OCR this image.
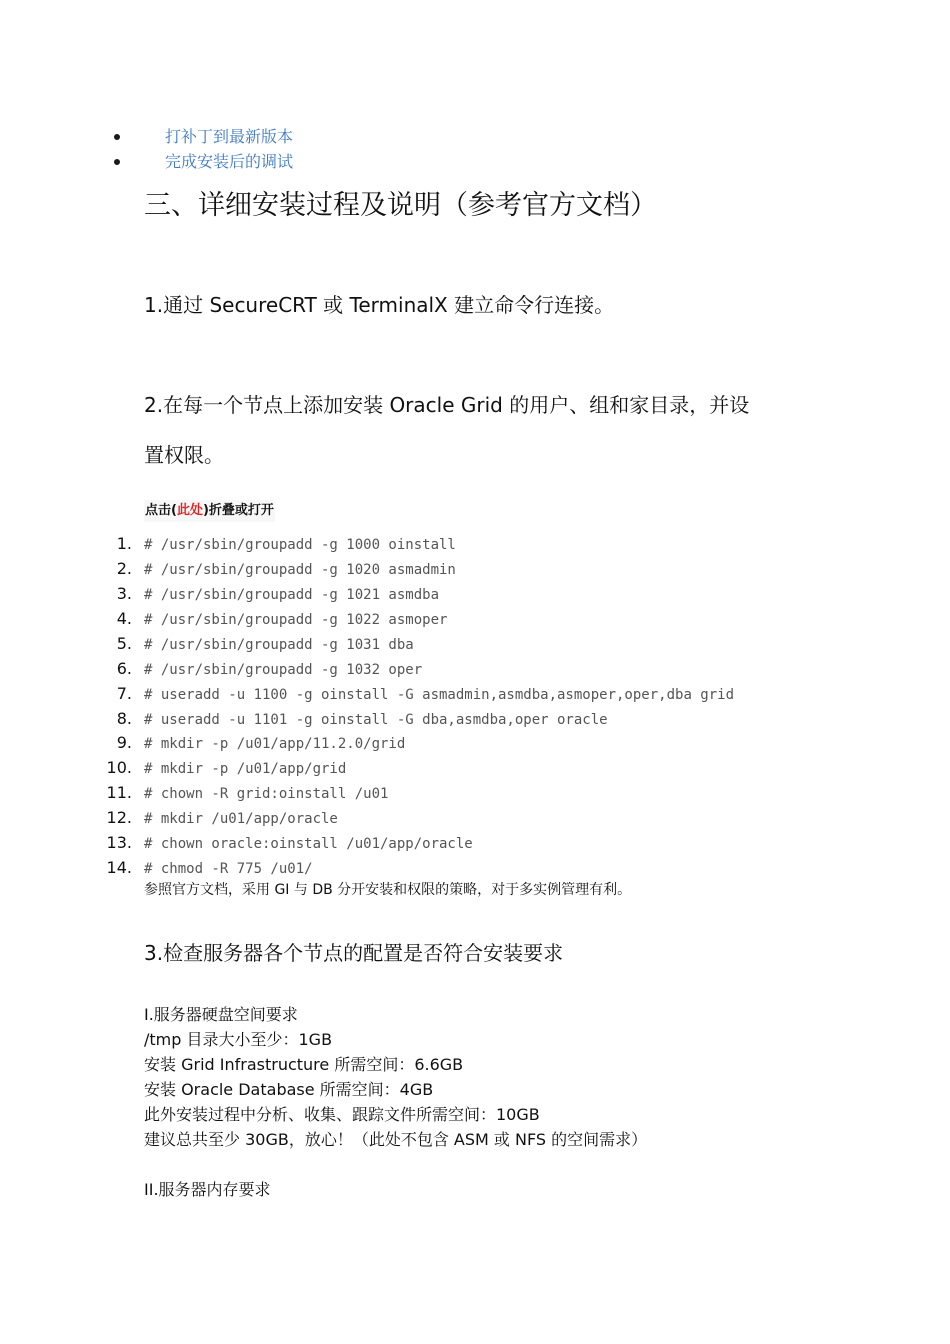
打补丁到最新版本
完成安装后的调试
三、详细安装过程及说明（参考官方文档）
1.通过 SecureCRT 或 TerminalX 建立命令行连接。
2.在每一个节点上添加安装 Oracle Grid 的用户、组和家目录，并设
置权限。
点击(此处)折叠或打开
1. # /usr/sbin/groupadd -g 1000 oinstall
2. # /usr/sbin/groupadd -g 1020 asmadmin
3. # /usr/sbin/groupadd -g 1021 asmdba
4. # /usr/sbin/groupadd -g 1022 asmoper
5. # /usr/sbin/groupadd -g 1031 dba
6. # /usr/sbin/groupadd -g 1032 oper
7. # useradd -u 1100 -g oinstall -G asmadmin,asmdba,asmoper,oper,dba grid
8. # useradd -u 1101 -g oinstall -G dba,asmdba,oper oracle
9. # mkdir -p /u01/app/11.2.0/grid
10. # mkdir -p /u01/app/grid
11. # chown -R grid:oinstall /u01
12. # mkdir /u01/app/oracle
13. # chown oracle:oinstall /u01/app/oracle
14. # chmod -R 775 /u01/
参照官方文档，采用 GI 与 DB 分开安装和权限的策略，对于多实例管理有利。
3.检查服务器各个节点的配置是否符合安装要求
I.服务器硬盘空间要求
/tmp 目录大小至少：1GB
安装 Grid Infrastructure 所需空间：6.6GB
安装 Oracle Database 所需空间：4GB
此外安装过程中分析、收集、跟踪文件所需空间：10GB
建议总共至少 30GB，放心！（此处不包含 ASM 或 NFS 的空间需求）
II.服务器内存要求
